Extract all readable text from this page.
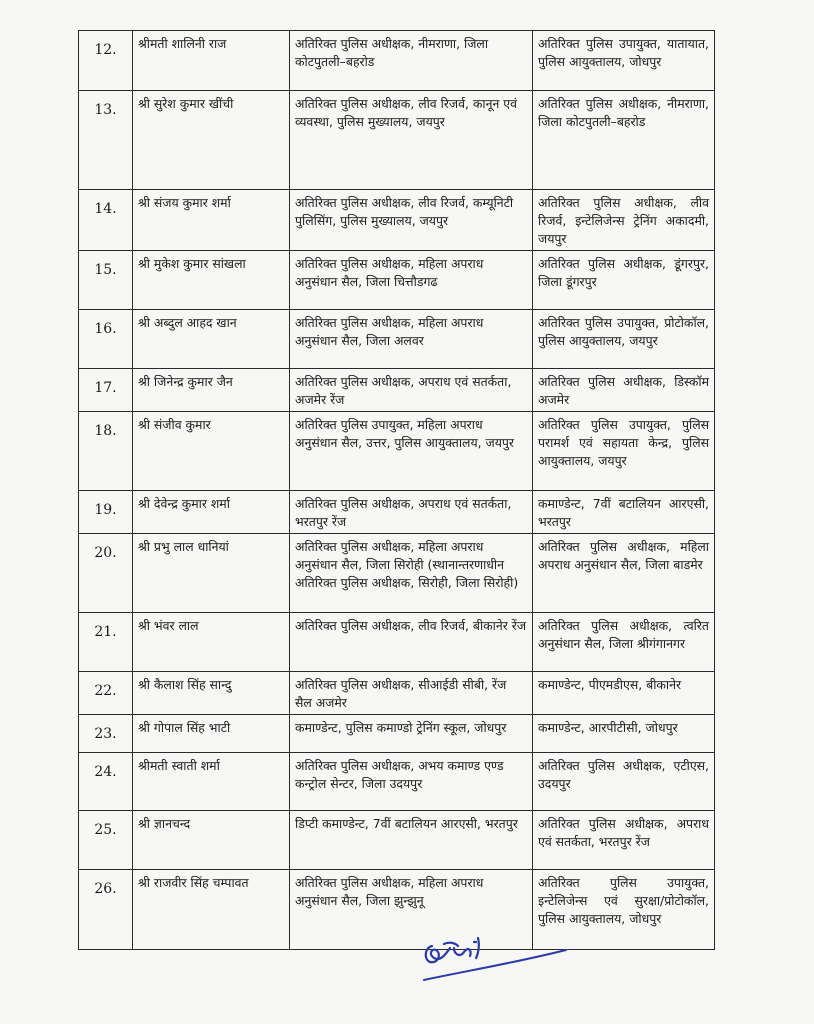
12.	श्रीमती शालिनी राज	अतिरिक्त पुलिस अधीक्षक, नीमराणा, जिला कोटपुतली–बहरोड	अतिरिक्त पुलिस उपायुक्त, यातायात, पुलिस आयुक्तालय, जोधपुर
13.	श्री सुरेश कुमार खींची	अतिरिक्त पुलिस अधीक्षक, लीव रिजर्व, कानून एवं व्यवस्था, पुलिस मुख्यालय, जयपुर	अतिरिक्त पुलिस अधीक्षक, नीमराणा, जिला कोटपुतली–बहरोड
14.	श्री संजय कुमार शर्मा	अतिरिक्त पुलिस अधीक्षक, लीव रिजर्व, कम्यूनिटी पुलिसिंग, पुलिस मुख्यालय, जयपुर	अतिरिक्त पुलिस अधीक्षक, लीव रिजर्व, इन्टेलिजेन्स ट्रेनिंग अकादमी, जयपुर
15.	श्री मुकेश कुमार सांखला	अतिरिक्त पुलिस अधीक्षक, महिला अपराध अनुसंधान सैल, जिला चित्तौडगढ	अतिरिक्त पुलिस अधीक्षक, डूंगरपुर, जिला डूंगरपुर
16.	श्री अब्दुल आहद खान	अतिरिक्त पुलिस अधीक्षक, महिला अपराध अनुसंधान सैल, जिला अलवर	अतिरिक्त पुलिस उपायुक्त, प्रोटोकॉल, पुलिस आयुक्तालय, जयपुर
17.	श्री जिनेन्द्र कुमार जैन	अतिरिक्त पुलिस अधीक्षक, अपराध एवं सतर्कता, अजमेर रेंज	अतिरिक्त पुलिस अधीक्षक, डिस्कॉम अजमेर
18.	श्री संजीव कुमार	अतिरिक्त पुलिस उपायुक्त, महिला अपराध अनुसंधान सैल, उत्तर, पुलिस आयुक्तालय, जयपुर	अतिरिक्त पुलिस उपायुक्त, पुलिस परामर्श एवं सहायता केन्द्र, पुलिस आयुक्तालय, जयपुर
19.	श्री देवेन्द्र कुमार शर्मा	अतिरिक्त पुलिस अधीक्षक, अपराध एवं सतर्कता, भरतपुर रेंज	कमाण्डेन्ट, 7वीं बटालियन आरएसी, भरतपुर
20.	श्री प्रभु लाल धानियां	अतिरिक्त पुलिस अधीक्षक, महिला अपराध अनुसंधान सैल, जिला सिरोही (स्थानान्तरणाधीन अतिरिक्त पुलिस अधीक्षक, सिरोही, जिला सिरोही)	अतिरिक्त पुलिस अधीक्षक, महिला अपराध अनुसंधान सैल, जिला बाडमेर
21.	श्री भंवर लाल	अतिरिक्त पुलिस अधीक्षक, लीव रिजर्व, बीकानेर रेंज	अतिरिक्त पुलिस अधीक्षक, त्वरित अनुसंधान सैल, जिला श्रीगंगानगर
22.	श्री कैलाश सिंह सान्दु	अतिरिक्त पुलिस अधीक्षक, सीआईडी सीबी, रेंज सैल अजमेर	कमाण्डेन्ट, पीएमडीएस, बीकानेर
23.	श्री गोपाल सिंह भाटी	कमाण्डेन्ट, पुलिस कमाण्डो ट्रेनिंग स्कूल, जोधपुर	कमाण्डेन्ट, आरपीटीसी, जोधपुर
24.	श्रीमती स्वाती शर्मा	अतिरिक्त पुलिस अधीक्षक, अभय कमाण्ड एण्ड कन्ट्रोल सेन्टर, जिला उदयपुर	अतिरिक्त पुलिस अधीक्षक, एटीएस, उदयपुर
25.	श्री ज्ञानचन्द	डिप्टी कमाण्डेन्ट, 7वीं बटालियन आरएसी, भरतपुर	अतिरिक्त पुलिस अधीक्षक, अपराध एवं सतर्कता, भरतपुर रेंज
26.	श्री राजवीर सिंह चम्पावत	अतिरिक्त पुलिस अधीक्षक, महिला अपराध अनुसंधान सैल, जिला झुन्झुनू	अतिरिक्त पुलिस उपायुक्त, इन्टेलिजेन्स एवं सुरक्षा/प्रोटोकॉल, पुलिस आयुक्तालय, जोधपुर
